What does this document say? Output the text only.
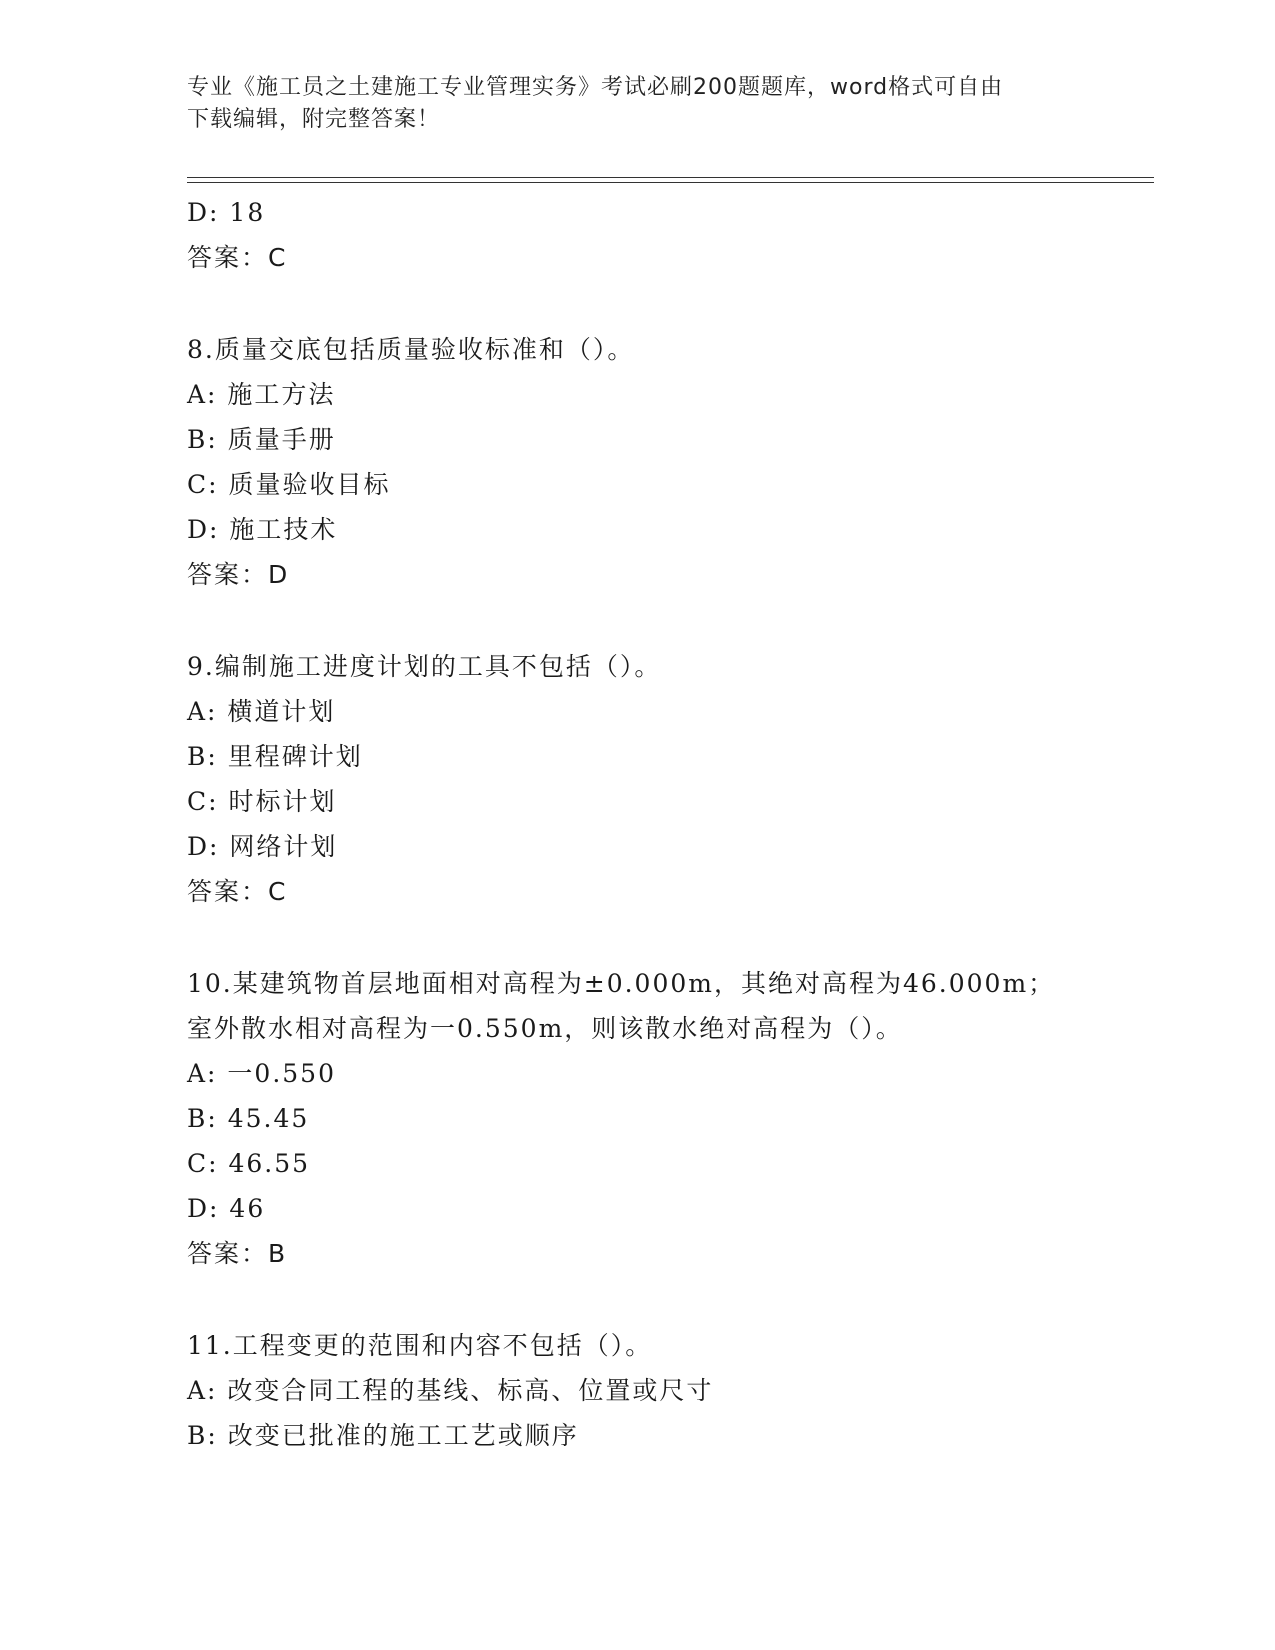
专业《施工员之土建施工专业管理实务》考试必刷200题题库，word格式可自由
下载编辑，附完整答案！
D: 18
答案：C
8.质量交底包括质量验收标准和（）。
A: 施工方法
B: 质量手册
C: 质量验收目标
D: 施工技术
答案：D
9.编制施工进度计划的工具不包括（）。
A: 横道计划
B: 里程碑计划
C: 时标计划
D: 网络计划
答案：C
10.某建筑物首层地面相对高程为±0.000m，其绝对高程为46.000m；
室外散水相对高程为一0.550m，则该散水绝对高程为（）。
A: 一0.550
B: 45.45
C: 46.55
D: 46
答案：B
11.工程变更的范围和内容不包括（）。
A: 改变合同工程的基线、标高、位置或尺寸
B: 改变已批准的施工工艺或顺序
